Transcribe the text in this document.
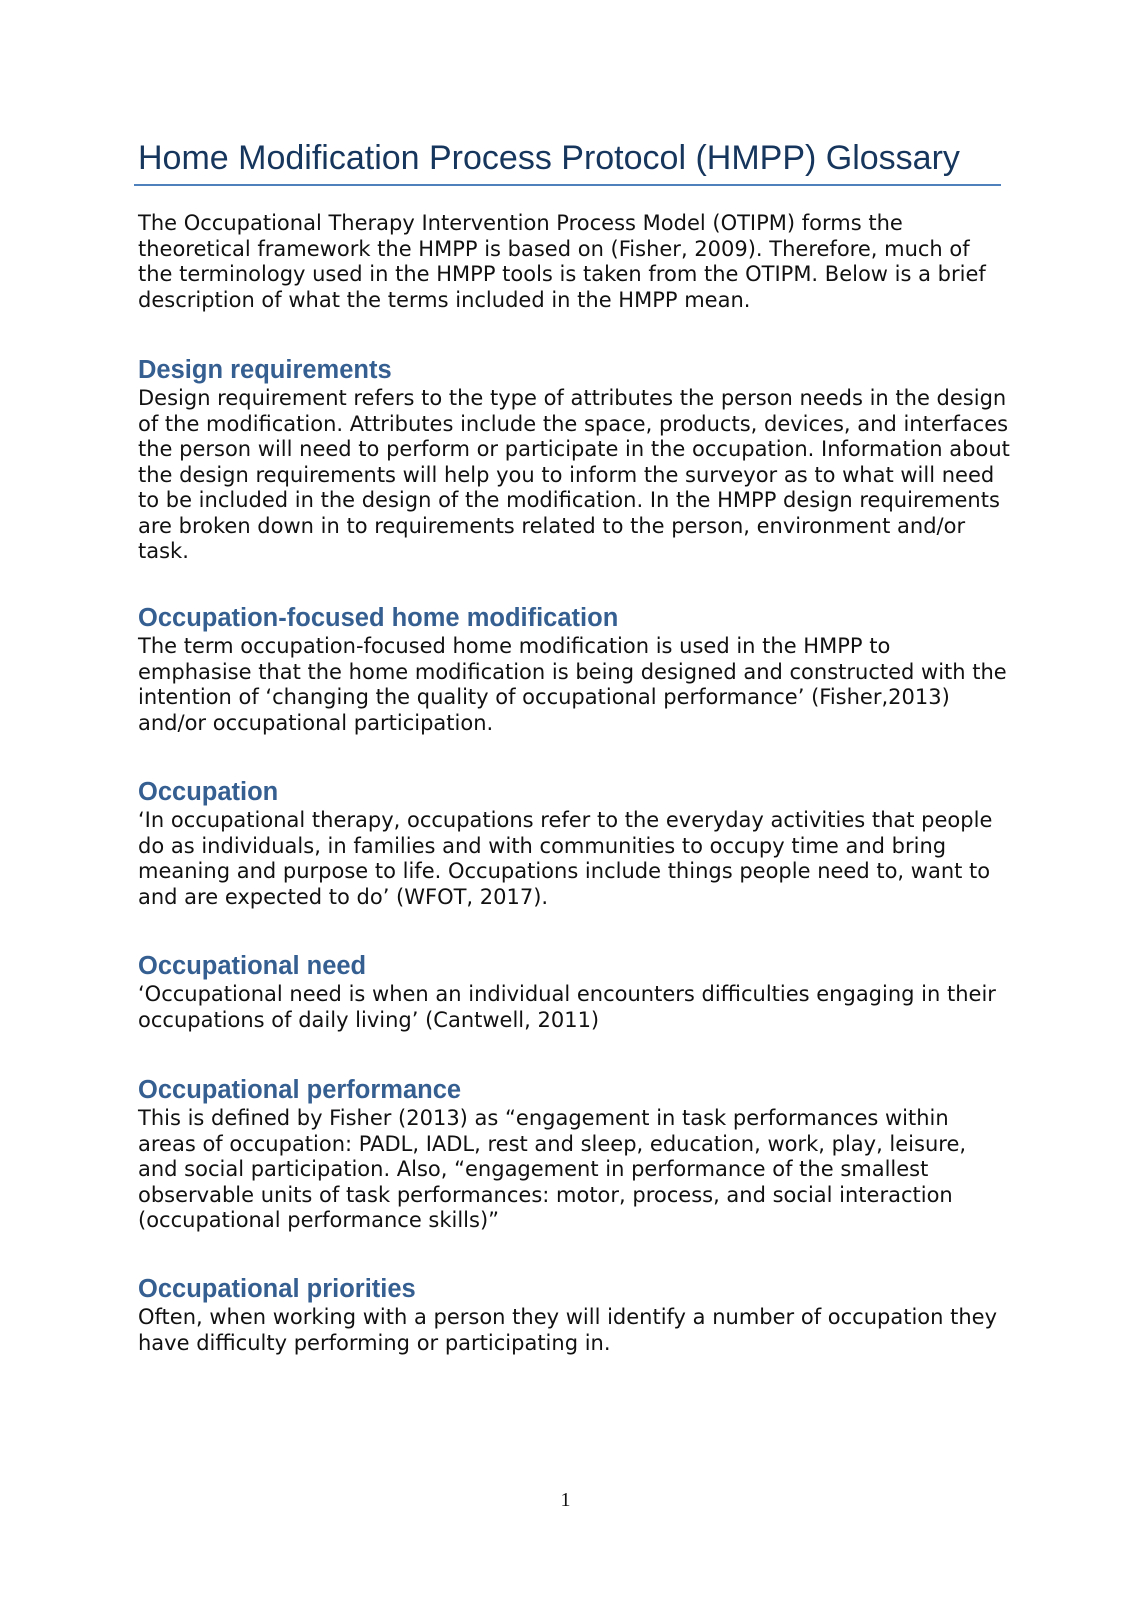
Home Modification Process Protocol (HMPP) Glossary

The Occupational Therapy Intervention Process Model (OTIPM) forms the theoretical framework the HMPP is based on (Fisher, 2009). Therefore, much of the terminology used in the HMPP tools is taken from the OTIPM. Below is a brief description of what the terms included in the HMPP mean.

Design requirements

Design requirement refers to the type of attributes the person needs in the design of the modification. Attributes include the space, products, devices, and interfaces the person will need to perform or participate in the occupation. Information about the design requirements will help you to inform the surveyor as to what will need to be included in the design of the modification. In the HMPP design requirements are broken down in to requirements related to the person, environment and/or task.

Occupation-focused home modification

The term occupation-focused home modification is used in the HMPP to emphasise that the home modification is being designed and constructed with the intention of ‘changing the quality of occupational performance’ (Fisher,2013) and/or occupational participation.

Occupation

‘In occupational therapy, occupations refer to the everyday activities that people do as individuals, in families and with communities to occupy time and bring meaning and purpose to life. Occupations include things people need to, want to and are expected to do’ (WFOT, 2017).

Occupational need

‘Occupational need is when an individual encounters difficulties engaging in their occupations of daily living’ (Cantwell, 2011)

Occupational performance

This is defined by Fisher (2013) as “engagement in task performances within areas of occupation: PADL, IADL, rest and sleep, education, work, play, leisure, and social participation. Also, “engagement in performance of the smallest observable units of task performances: motor, process, and social interaction (occupational performance skills)”

Occupational priorities

Often, when working with a person they will identify a number of occupation they have difficulty performing or participating in.

1
